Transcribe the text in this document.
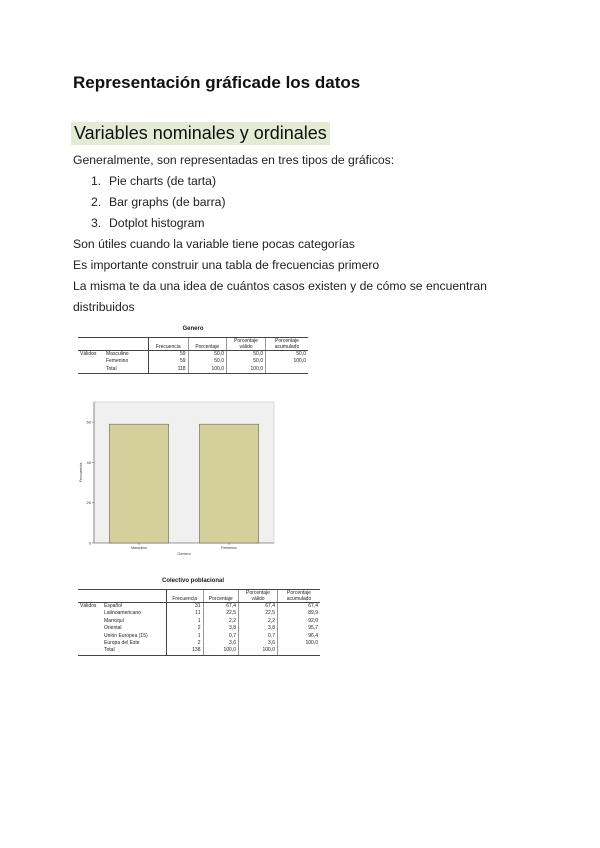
Representación gráficade los datos
Variables nominales y ordinales
Generalmente, son representadas en tres tipos de gráficos:
1. Pie charts (de tarta)
2. Bar graphs (de barra)
3. Dotplot histogram
Son útiles cuando la variable tiene pocas categorías
Es importante construir una tabla de frecuencias primero
La misma te da una idea de cuántos casos existen y de cómo se encuentran
distribuidos
Genero
		Frecuencia	Porcentaje	Porcentaje válido	Porcentaje acumulado
Válidos	Masculino	59	50,0	50,0	50,0
	Femenino	59	50,0	50,0	100,0
	Total	118	100,0	100,0	
0
20
40
60
Masculino	Femenino
Genero
Frecuencia
Colectivo poblacional
		Frecuencia	Porcentaje	Porcentaje válido	Porcentaje acumulado
Válidos	Español	31	67,4	67,4	67,4
	Latinoamericano	11	22,5	22,5	89,9
	Marroquí	1	2,2	2,2	92,0
	Oriental	2	3,8	3,8	95,7
	Unión Europea (15)	1	0,7	0,7	96,4
	Europa del Este	2	3,6	3,6	100,0
	Total	138	100,0	100,0	
